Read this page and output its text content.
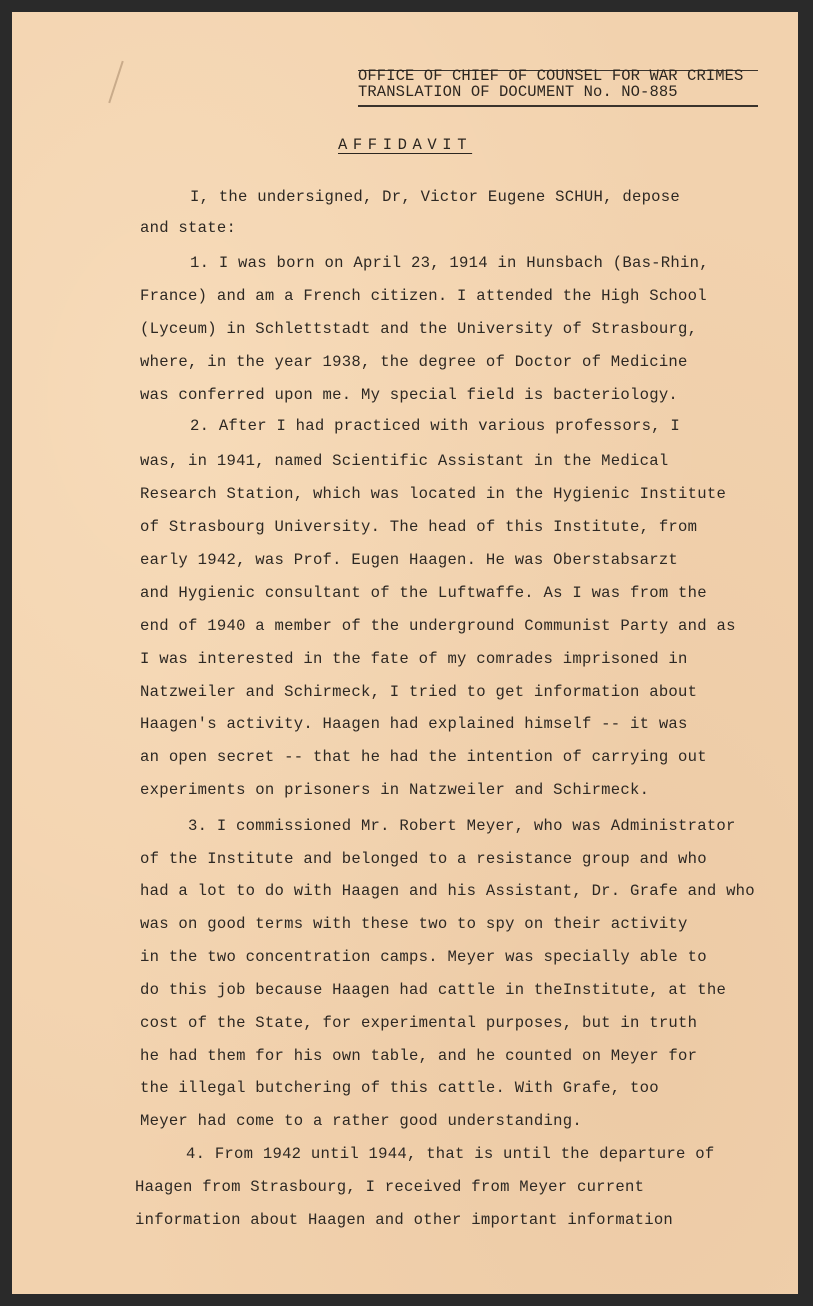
OFFICE OF CHIEF OF COUNSEL FOR WAR CRIMES
TRANSLATION OF DOCUMENT No. NO-885
AFFIDAVIT
I, the undersigned, Dr, Victor Eugene SCHUH, depose
and state:
1. I was born on April 23, 1914 in Hunsbach (Bas-Rhin,
France) and am a French citizen. I attended the High School
(Lyceum) in Schlettstadt and the University of Strasbourg,
where, in the year 1938, the degree of Doctor of Medicine
was conferred upon me. My special field is bacteriology.
2. After I had practiced with various professors, I
was, in 1941, named Scientific Assistant in the Medical
Research Station, which was located in the Hygienic Institute
of Strasbourg University. The head of this Institute, from
early 1942, was Prof. Eugen Haagen. He was Oberstabsarzt
and Hygienic consultant of the Luftwaffe. As I was from the
end of 1940 a member of the underground Communist Party and as
I was interested in the fate of my comrades imprisoned in
Natzweiler and Schirmeck, I tried to get information about
Haagen's activity. Haagen had explained himself -- it was
an open secret -- that he had the intention of carrying out
experiments on prisoners in Natzweiler and Schirmeck.
3. I commissioned Mr. Robert Meyer, who was Administrator
of the Institute and belonged to a resistance group and who
had a lot to do with Haagen and his Assistant, Dr. Grafe and who
was on good terms with these two to spy on their activity
in the two concentration camps. Meyer was specially able to
do this job because Haagen had cattle in theInstitute, at the
cost of the State, for experimental purposes, but in truth
he had them for his own table, and he counted on Meyer for
the illegal butchering of this cattle. With Grafe, too
Meyer had come to a rather good understanding.
4. From 1942 until 1944, that is until the departure of
Haagen from Strasbourg, I received from Meyer current
information about Haagen and other important information
